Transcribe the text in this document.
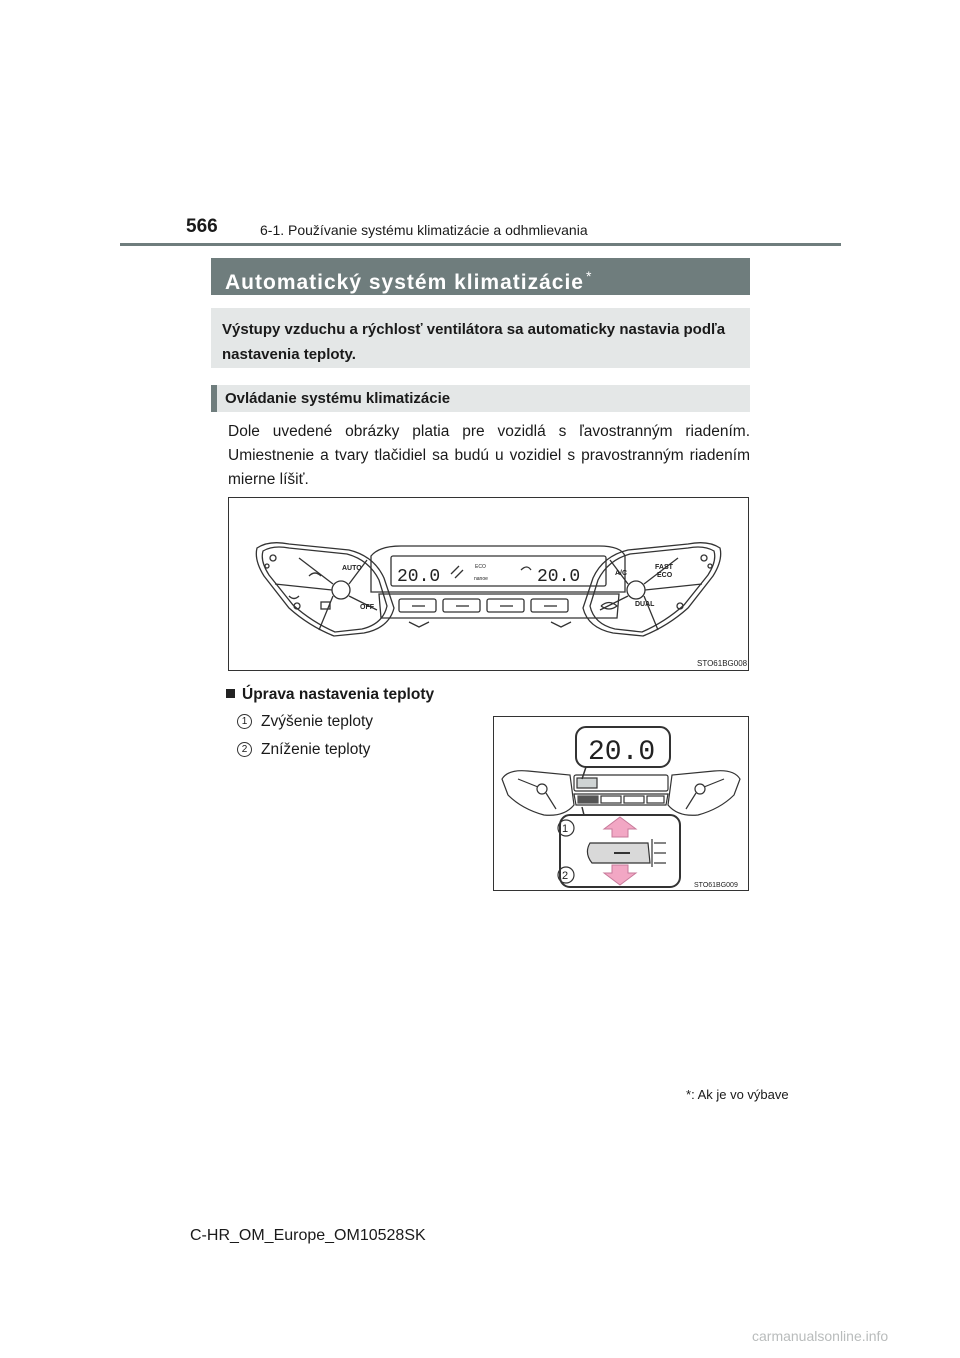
566	6-1. Používanie systému klimatizácie a odhmlievania
Automatický systém klimatizácie *
Výstupy vzduchu a rýchlosť ventilátora sa automaticky nastavia podľa nastavenia teploty.
Ovládanie systému klimatizácie
Dole uvedené obrázky platia pre vozidlá s ľavostranným riadením. Umiestnenie a tvary tlačidiel sa budú u vozidiel s pravostranným riadením mierne líšiť.
20.0	20.0
ECO
nanoe
AUTO
OFF
A/C
FAST
ECO
DUAL
STO61BG008
Úprava nastavenia teploty
1 Zvýšenie teploty
2 Zníženie teploty	20.0
1
2
STO61BG009
*: Ak je vo výbave
C-HR_OM_Europe_OM10528SK
carmanualsonline.info
